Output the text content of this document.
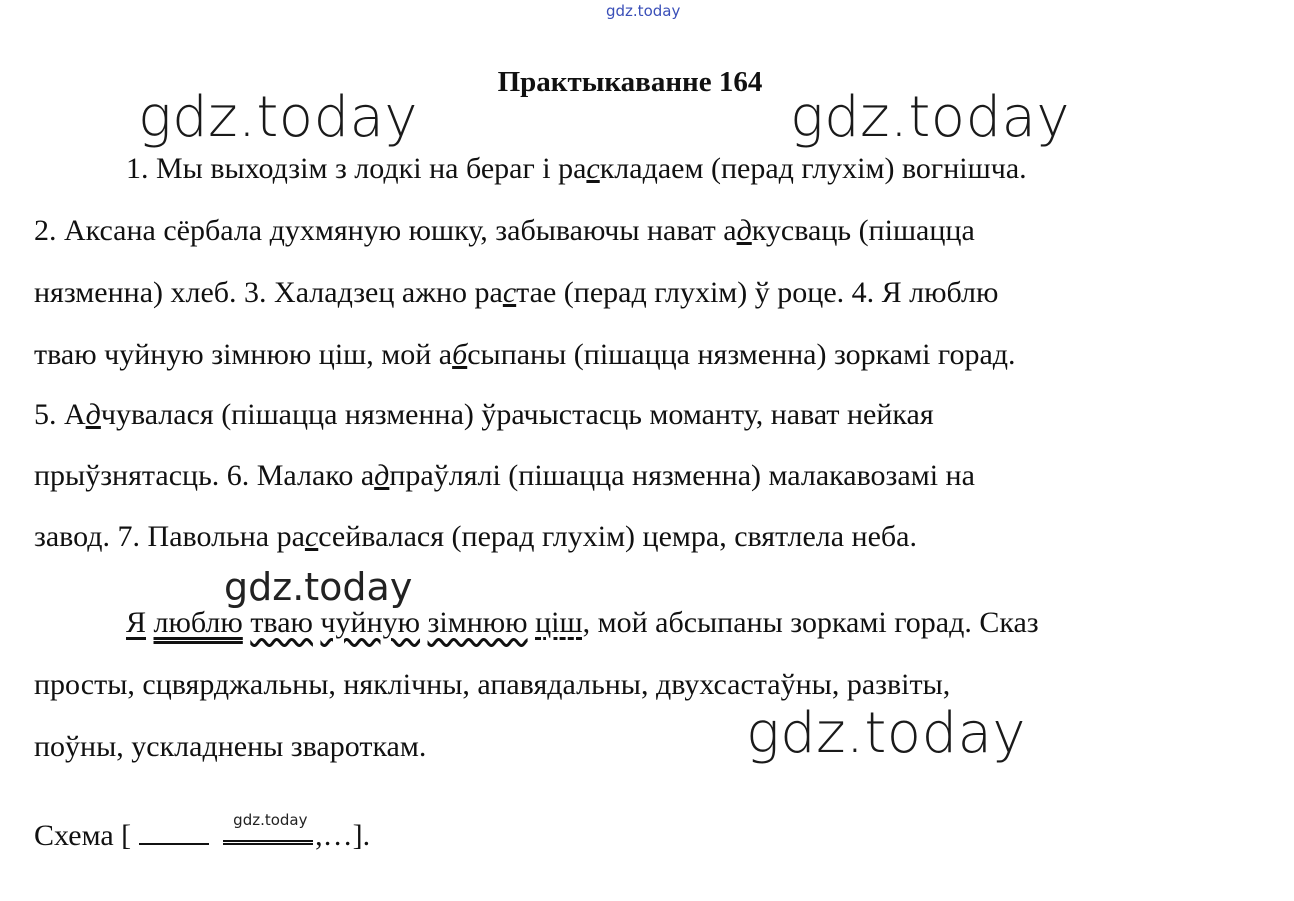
gdz.today
Практыкаванне 164
gdz.today	gdz.today
1. Мы выходзім з лодкі на бераг і раскладаем (перад глухім) вогнішча.
2. Аксана сёрбала духмяную юшку, забываючы нават адкусваць (пішацца
нязменна) хлеб. 3. Халадзец ажно растае (перад глухім) ў роце. 4. Я люблю
тваю чуйную зімнюю ціш, мой абсыпаны (пішацца нязменна) зоркамі горад.
5. Адчувалася (пішацца нязменна) ўрачыстасць моманту, нават нейкая
прыўзнятасць. 6. Малако адпраўлялі (пішацца нязменна) малакавозамі на
завод. 7. Павольна рассейвалася (перад глухім) цемра, святлела неба.
gdz.today
Я люблю тваю чуйную зімнюю ціш, мой абсыпаны зоркамі горад. Сказ
просты, сцвярджальны, няклічны, апавядальны, двухсастаўны, развіты,
поўны, ускладнены звароткам.	gdz.today
Схема [	gdz.today ,…].
